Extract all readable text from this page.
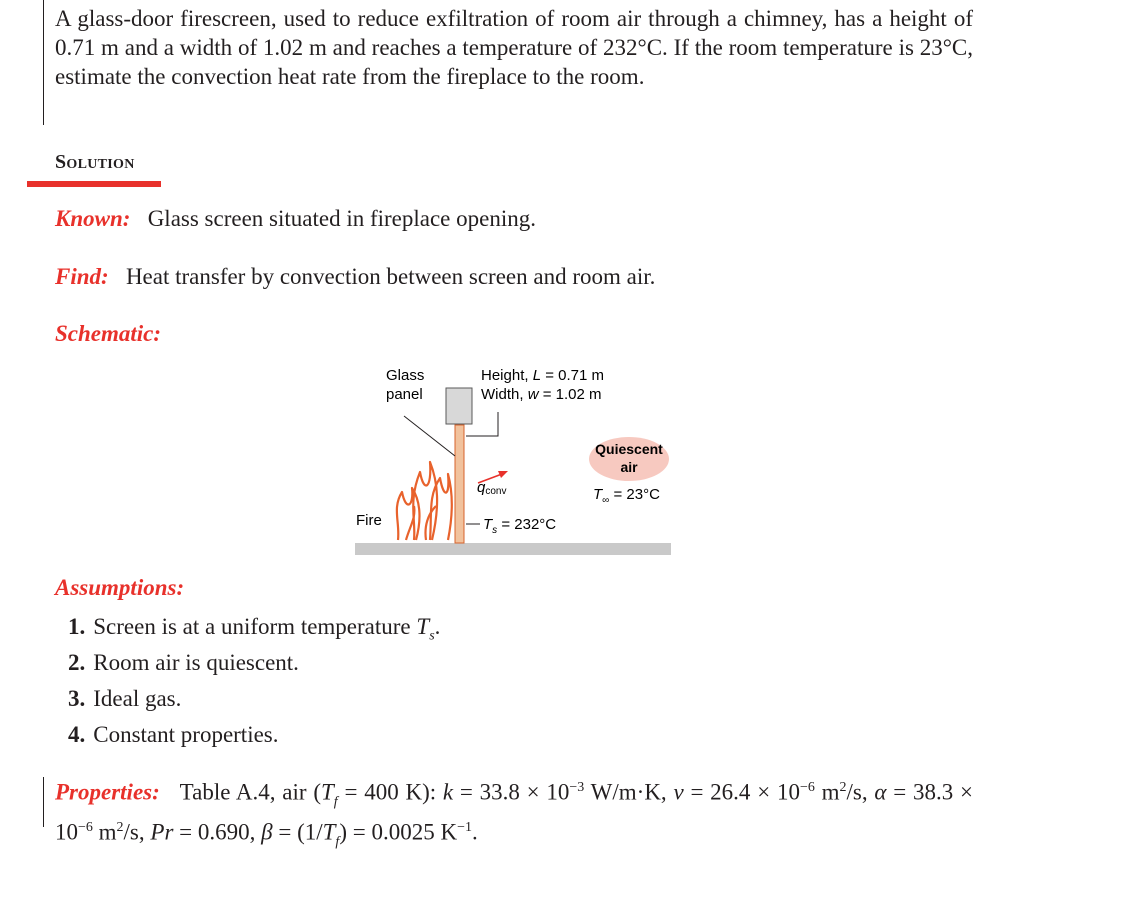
A glass-door firescreen, used to reduce exfiltration of room air through a chimney, has a height of 0.71 m and a width of 1.02 m and reaches a temperature of 232°C. If the room temperature is 23°C, estimate the convection heat rate from the fireplace to the room.

Solution
Known: Glass screen situated in fireplace opening.
Find: Heat transfer by convection between screen and room air.
Schematic:
Glass
panel
Height, L = 0.71 m
Width, w = 1.02 m
Quiescent
air
$T_\infty = 23^\circ C$
qconv
$T_s = 232^\circ C$
Fire
Assumptions:
1. Screen is at a uniform temperature $T_s$.
2. Room air is quiescent.
3. Ideal gas.
4. Constant properties.

Properties: Table A.4, air ($T_f = 400$ K): $k = 33.8 \times 10^{-3}$ W/m·K, $\nu = 26.4 \times 10^{-6}$ $m^2/s$, $\alpha = 38.3 \times 10^{-6}$ $m^2/s$, Pr = 0.690, $\beta = (1/T_f) = 0.0025$ $K^{-1}$.
